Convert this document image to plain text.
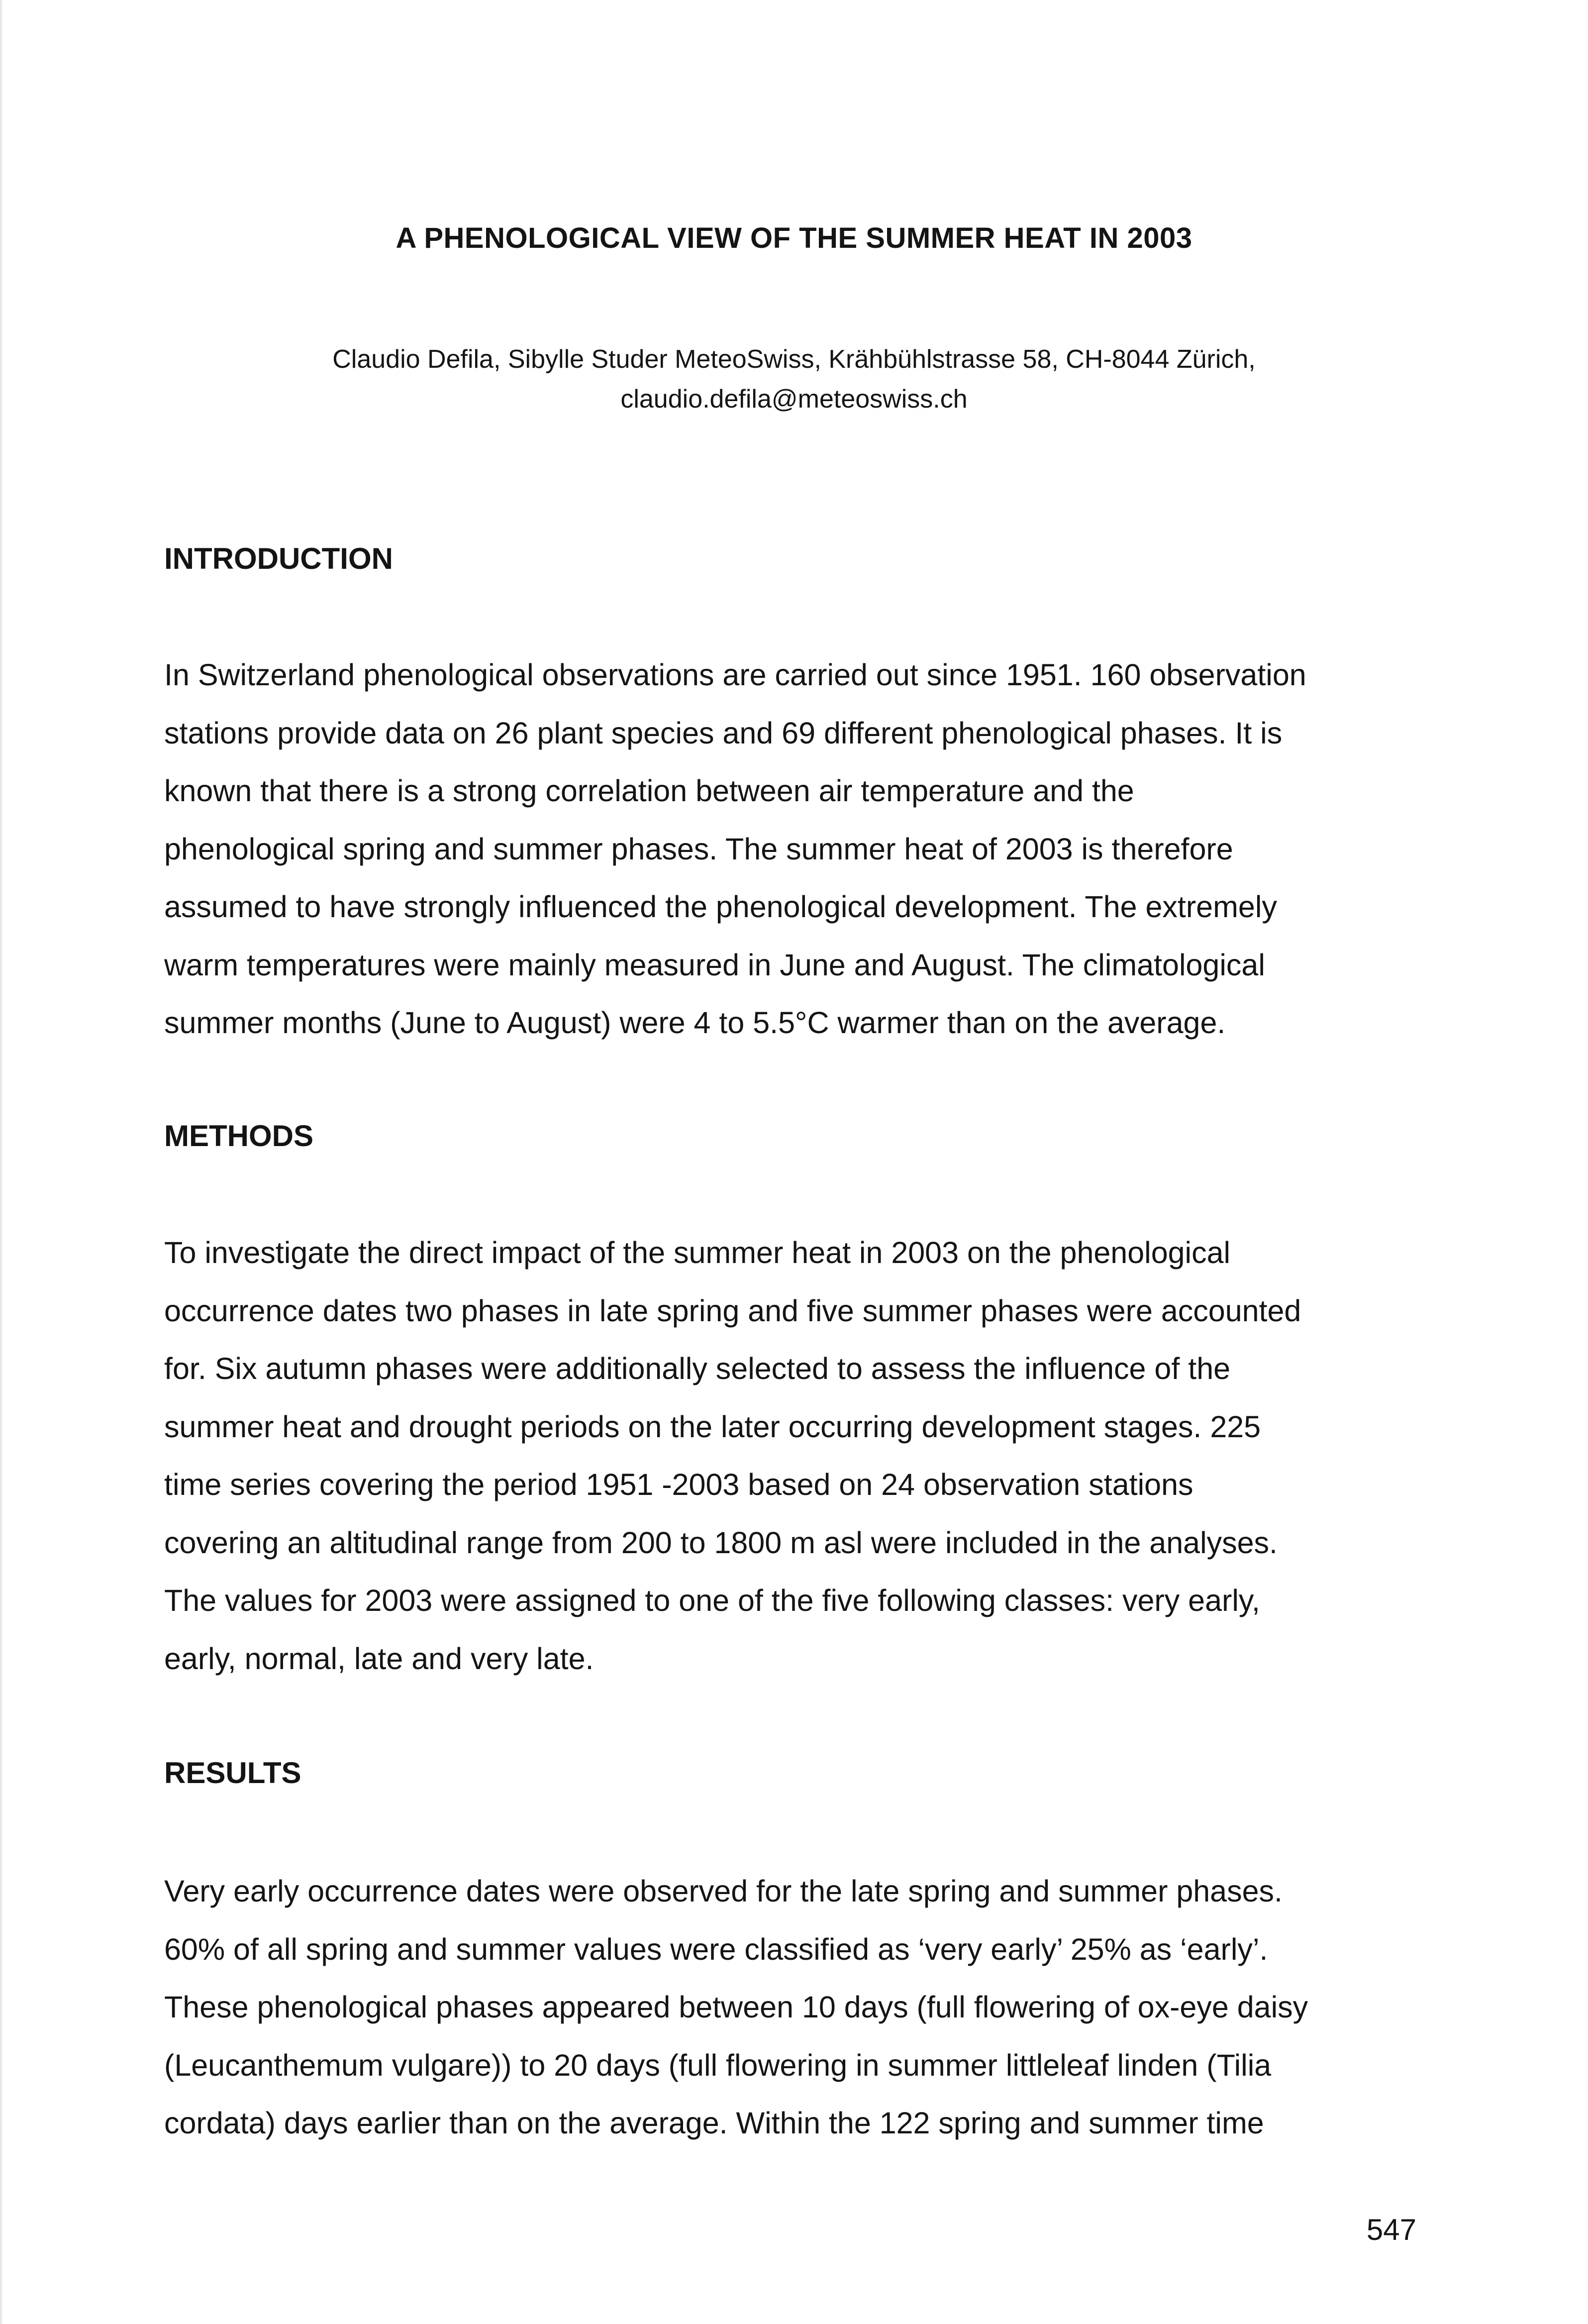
A PHENOLOGICAL VIEW OF THE SUMMER HEAT IN 2003
Claudio Defila, Sibylle Studer MeteoSwiss, Krähbühlstrasse 58, CH-8044 Zürich,
claudio.defila@meteoswiss.ch
INTRODUCTION
In Switzerland phenological observations are carried out since 1951. 160 observation
stations provide data on 26 plant species and 69 different phenological phases. It is
known that there is a strong correlation between air temperature and the
phenological spring and summer phases. The summer heat of 2003 is therefore
assumed to have strongly influenced the phenological development. The extremely
warm temperatures were mainly measured in June and August. The climatological
summer months (June to August) were 4 to 5.5°C warmer than on the average.
METHODS
To investigate the direct impact of the summer heat in 2003 on the phenological
occurrence dates two phases in late spring and five summer phases were accounted
for. Six autumn phases were additionally selected to assess the influence of the
summer heat and drought periods on the later occurring development stages. 225
time series covering the period 1951 -2003 based on 24 observation stations
covering an altitudinal range from 200 to 1800 m asl were included in the analyses.
The values for 2003 were assigned to one of the five following classes: very early,
early, normal, late and very late.
RESULTS
Very early occurrence dates were observed for the late spring and summer phases.
60% of all spring and summer values were classified as ‘very early’ 25% as ‘early’.
These phenological phases appeared between 10 days (full flowering of ox-eye daisy
(Leucanthemum vulgare)) to 20 days (full flowering in summer littleleaf linden (Tilia
cordata) days earlier than on the average. Within the 122 spring and summer time
547
